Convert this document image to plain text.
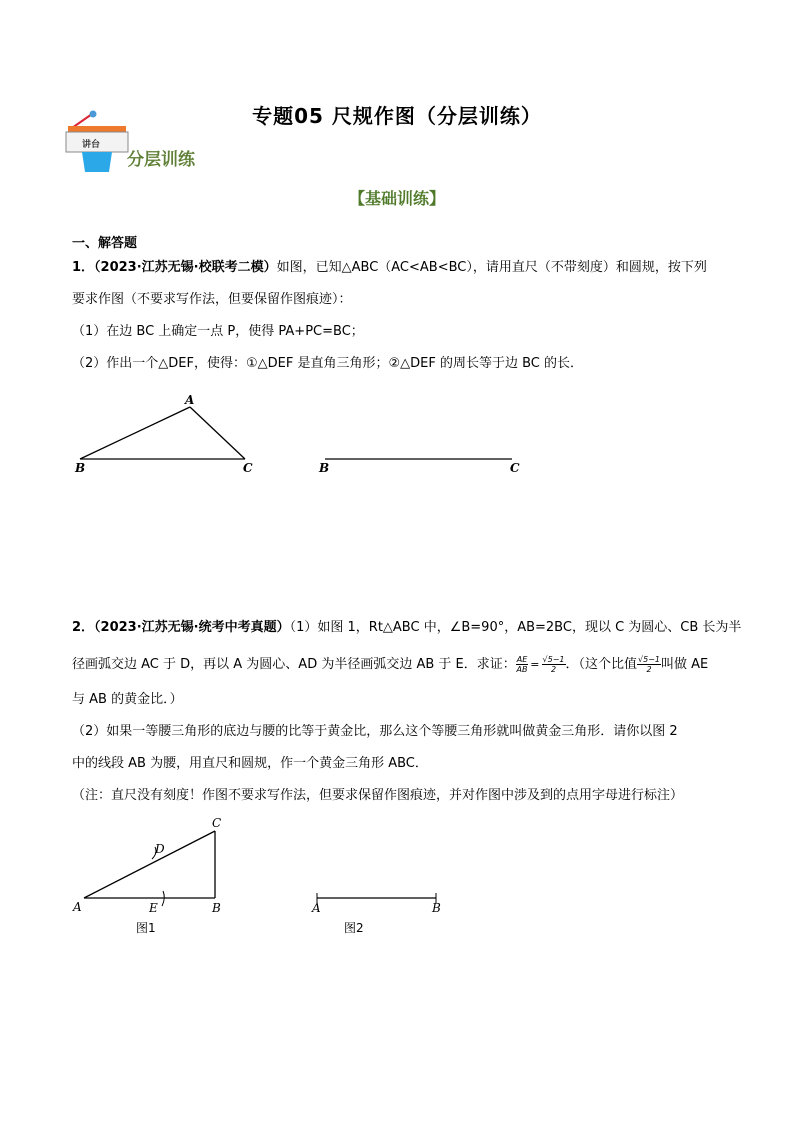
专题05 尺规作图（分层训练）
讲台
分层训练
【基础训练】
一、解答题
1．（2023·江苏无锡·校联考二模）如图，已知△ABC（AC<AB<BC），请用直尺（不带刻度）和圆规，按下列
要求作图（不要求写作法，但要保留作图痕迹）：
（1）在边 BC 上确定一点 P，使得 PA+PC=BC；
（2）作出一个△DEF，使得：①△DEF 是直角三角形；②△DEF 的周长等于边 BC 的长．
A
B	C	B	C
2．（2023·江苏无锡·统考中考真题）（1）如图 1，Rt△ABC 中，∠B=90°，AB=2BC，现以 C 为圆心、CB 长为半
径画弧交边 AC 于 D，再以 A 为圆心、AD 为半径画弧交边 AB 于 E．求证： $\frac{AE}{AB} = \frac{√5-1}{2}$ ．（这个比值 $\frac{√5-1}{2}$ 叫做 AE
与 AB 的黄金比．）
（2）如果一等腰三角形的底边与腰的比等于黄金比，那么这个等腰三角形就叫做黄金三角形．请你以图 2
中的线段 AB 为腰，用直尺和圆规，作一个黄金三角形 ABC．
（注：直尺没有刻度！作图不要求写作法，但要求保留作图痕迹，并对作图中涉及到的点用字母进行标注）
C
D
A	E	B
图1
A	B
图2
